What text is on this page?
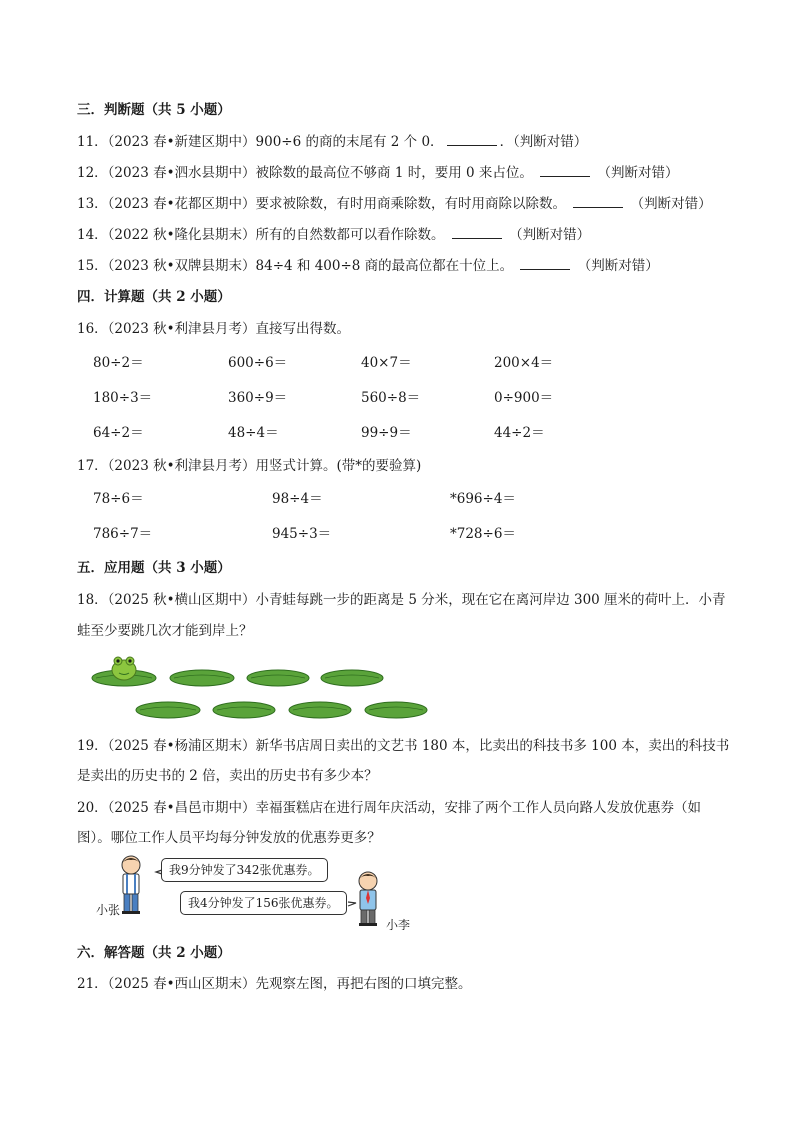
三．判断题（共 5 小题）
11．（2023 春•新建区期中）900÷6 的商的末尾有 2 个 0．	．（判断对错）
12．（2023 春•泗水县期中）被除数的最高位不够商 1 时，要用 0 来占位。	（判断对错）
13．（2023 春•花都区期中）要求被除数，有时用商乘除数，有时用商除以除数。	（判断对错）
14．（2022 秋•隆化县期末）所有的自然数都可以看作除数。	（判断对错）
15．（2023 秋•双牌县期末）84÷4 和 400÷8 商的最高位都在十位上。	（判断对错）
四．计算题（共 2 小题）
16．（2023 秋•利津县月考）直接写出得数。
80÷2＝	600÷6＝	40×7＝	200×4＝
180÷3＝	360÷9＝	560÷8＝	0÷900＝
64÷2＝	48÷4＝	99÷9＝	44÷2＝
17．（2023 秋•利津县月考）用竖式计算。(带*的要验算)
78÷6＝	98÷4＝	*696÷4＝
786÷7＝	945÷3＝	*728÷6＝
五．应用题（共 3 小题）
18．（2025 秋•横山区期中）小青蛙每跳一步的距离是 5 分米，现在它在离河岸边 300 厘米的荷叶上．小青
蛙至少要跳几次才能到岸上？
19．（2025 春•杨浦区期末）新华书店周日卖出的文艺书 180 本，比卖出的科技书多 100 本，卖出的科技书
是卖出的历史书的 2 倍，卖出的历史书有多少本？
20．（2025 春•昌邑市期中）幸福蛋糕店在进行周年庆活动，安排了两个工作人员向路人发放优惠券（如
图）。哪位工作人员平均每分钟发放的优惠券更多？
我9分钟发了342张优惠券。
我4分钟发了156张优惠券。
小张
小李
六．解答题（共 2 小题）
21．（2025 春•西山区期末）先观察左图，再把右图的口填完整。
